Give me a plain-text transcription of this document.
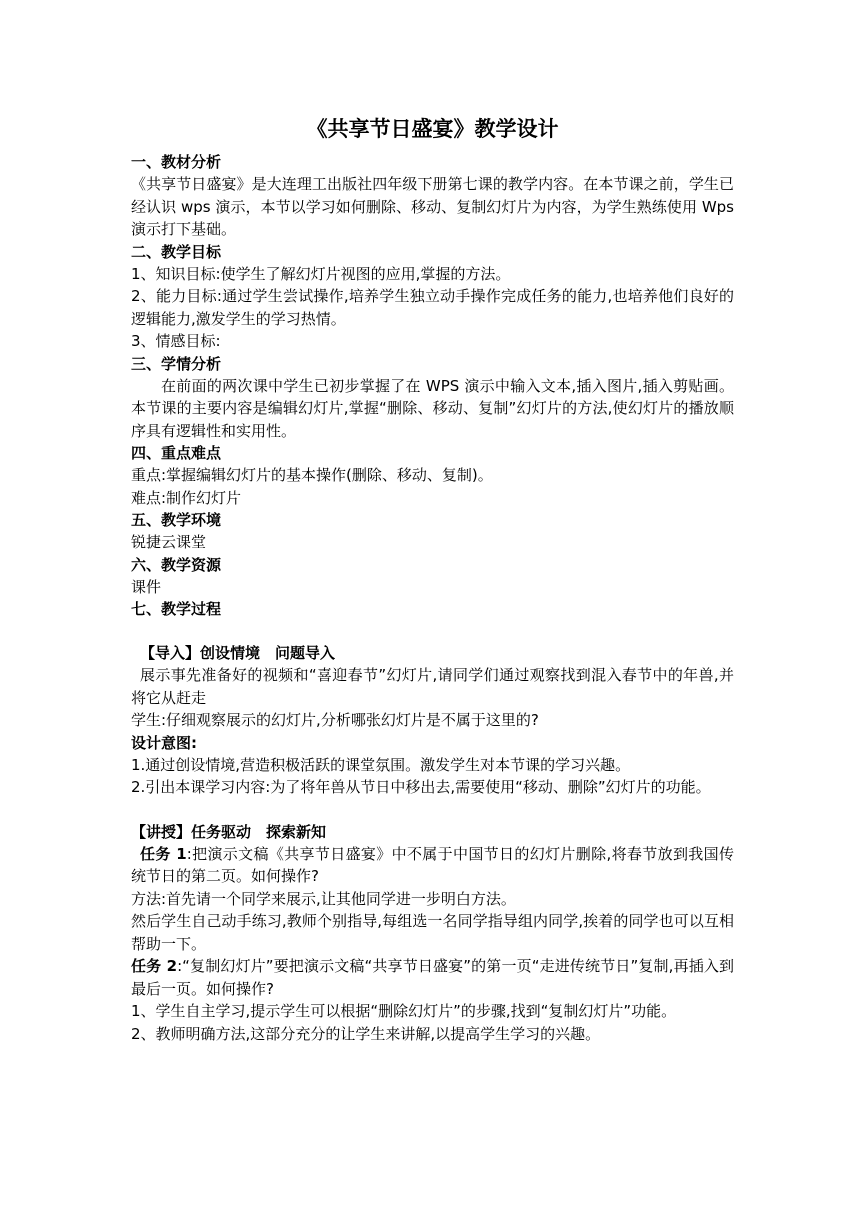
《共享节日盛宴》教学设计
一、教材分析
《共享节日盛宴》是大连理工出版社四年级下册第七课的教学内容。在本节课之前，学生已经认识 wps 演示，本节以学习如何删除、移动、复制幻灯片为内容，为学生熟练使用 Wps 演示打下基础。
二、教学目标
1、知识目标:使学生了解幻灯片视图的应用,掌握的方法。
2、能力目标:通过学生尝试操作,培养学生独立动手操作完成任务的能力,也培养他们良好的逻辑能力,激发学生的学习热情。
3、情感目标:
三、学情分析
在前面的两次课中学生已初步掌握了在 WPS 演示中输入文本,插入图片,插入剪贴画。本节课的主要内容是编辑幻灯片,掌握“删除、移动、复制”幻灯片的方法,使幻灯片的播放顺序具有逻辑性和实用性。
四、重点难点
重点:掌握编辑幻灯片的基本操作(删除、移动、复制)。
难点:制作幻灯片
五、教学环境
锐捷云课堂
六、教学资源
课件
七、教学过程
【导入】创设情境　问题导入
展示事先准备好的视频和“喜迎春节”幻灯片,请同学们通过观察找到混入春节中的年兽,并将它从赶走
学生:仔细观察展示的幻灯片,分析哪张幻灯片是不属于这里的?
设计意图:
1.通过创设情境,营造积极活跃的课堂氛围。激发学生对本节课的学习兴趣。
2.引出本课学习内容:为了将年兽从节日中移出去,需要使用“移动、删除”幻灯片的功能。
【讲授】任务驱动　探索新知
任务 1:把演示文稿《共享节日盛宴》中不属于中国节日的幻灯片删除,将春节放到我国传统节日的第二页。如何操作?
方法:首先请一个同学来展示,让其他同学进一步明白方法。
然后学生自己动手练习,教师个别指导,每组选一名同学指导组内同学,挨着的同学也可以互相帮助一下。
任务 2:“复制幻灯片”要把演示文稿“共享节日盛宴”的第一页“走进传统节日”复制,再插入到最后一页。如何操作?
1、学生自主学习,提示学生可以根据“删除幻灯片”的步骤,找到“复制幻灯片”功能。
2、教师明确方法,这部分充分的让学生来讲解,以提高学生学习的兴趣。
